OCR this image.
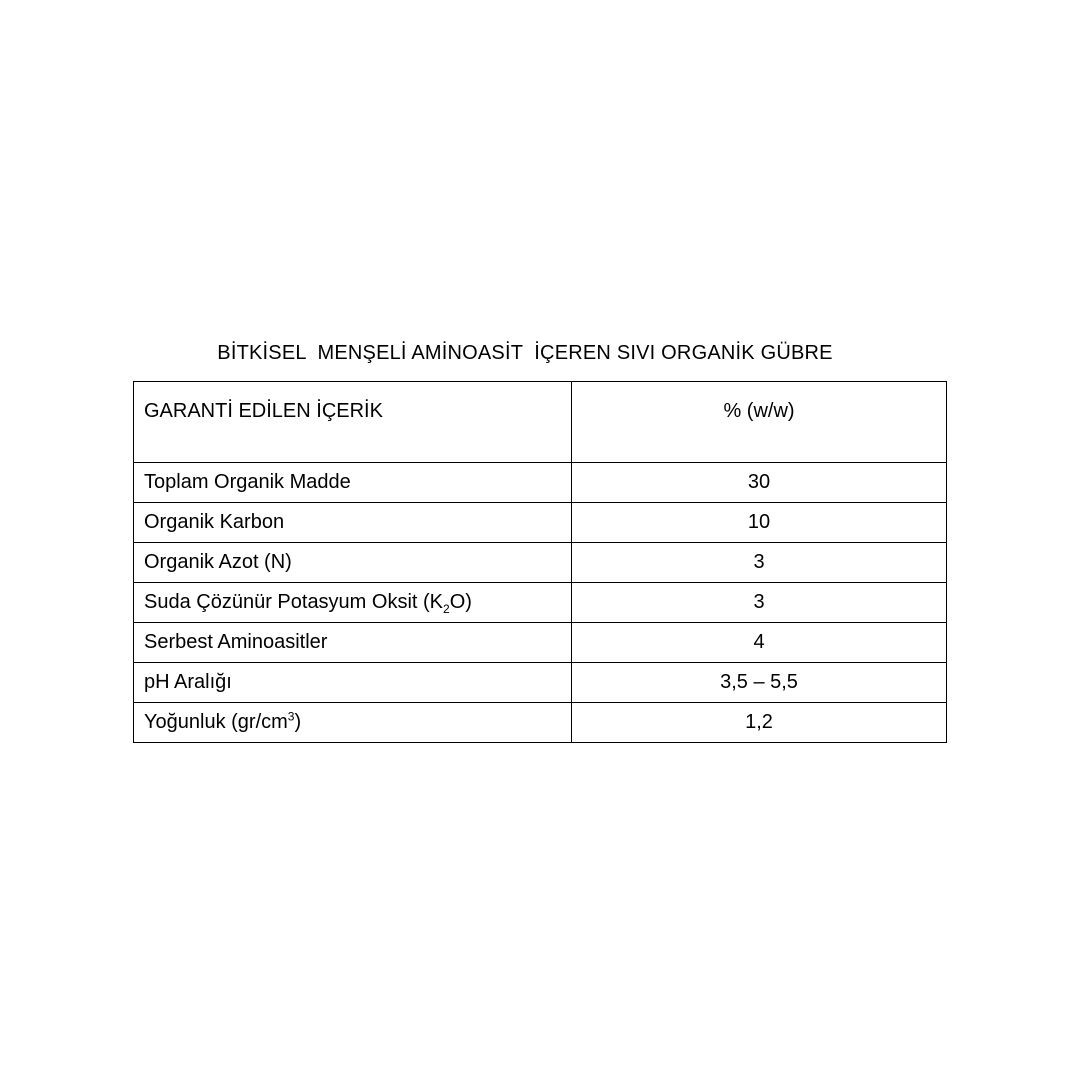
BİTKİSEL  MENŞELİ AMİNOASİT  İÇEREN SIVI ORGANİK GÜBRE
GARANTİ EDİLEN İÇERİK	% (w/w)
Toplam Organik Madde	30
Organik Karbon	10
Organik Azot (N)	3
Suda Çözünür Potasyum Oksit $(K_2O)$	3
Serbest Aminoasitler	4
pH Aralığı	3,5 – 5,5
Yoğunluk $(gr/cm^3)$	1,2
